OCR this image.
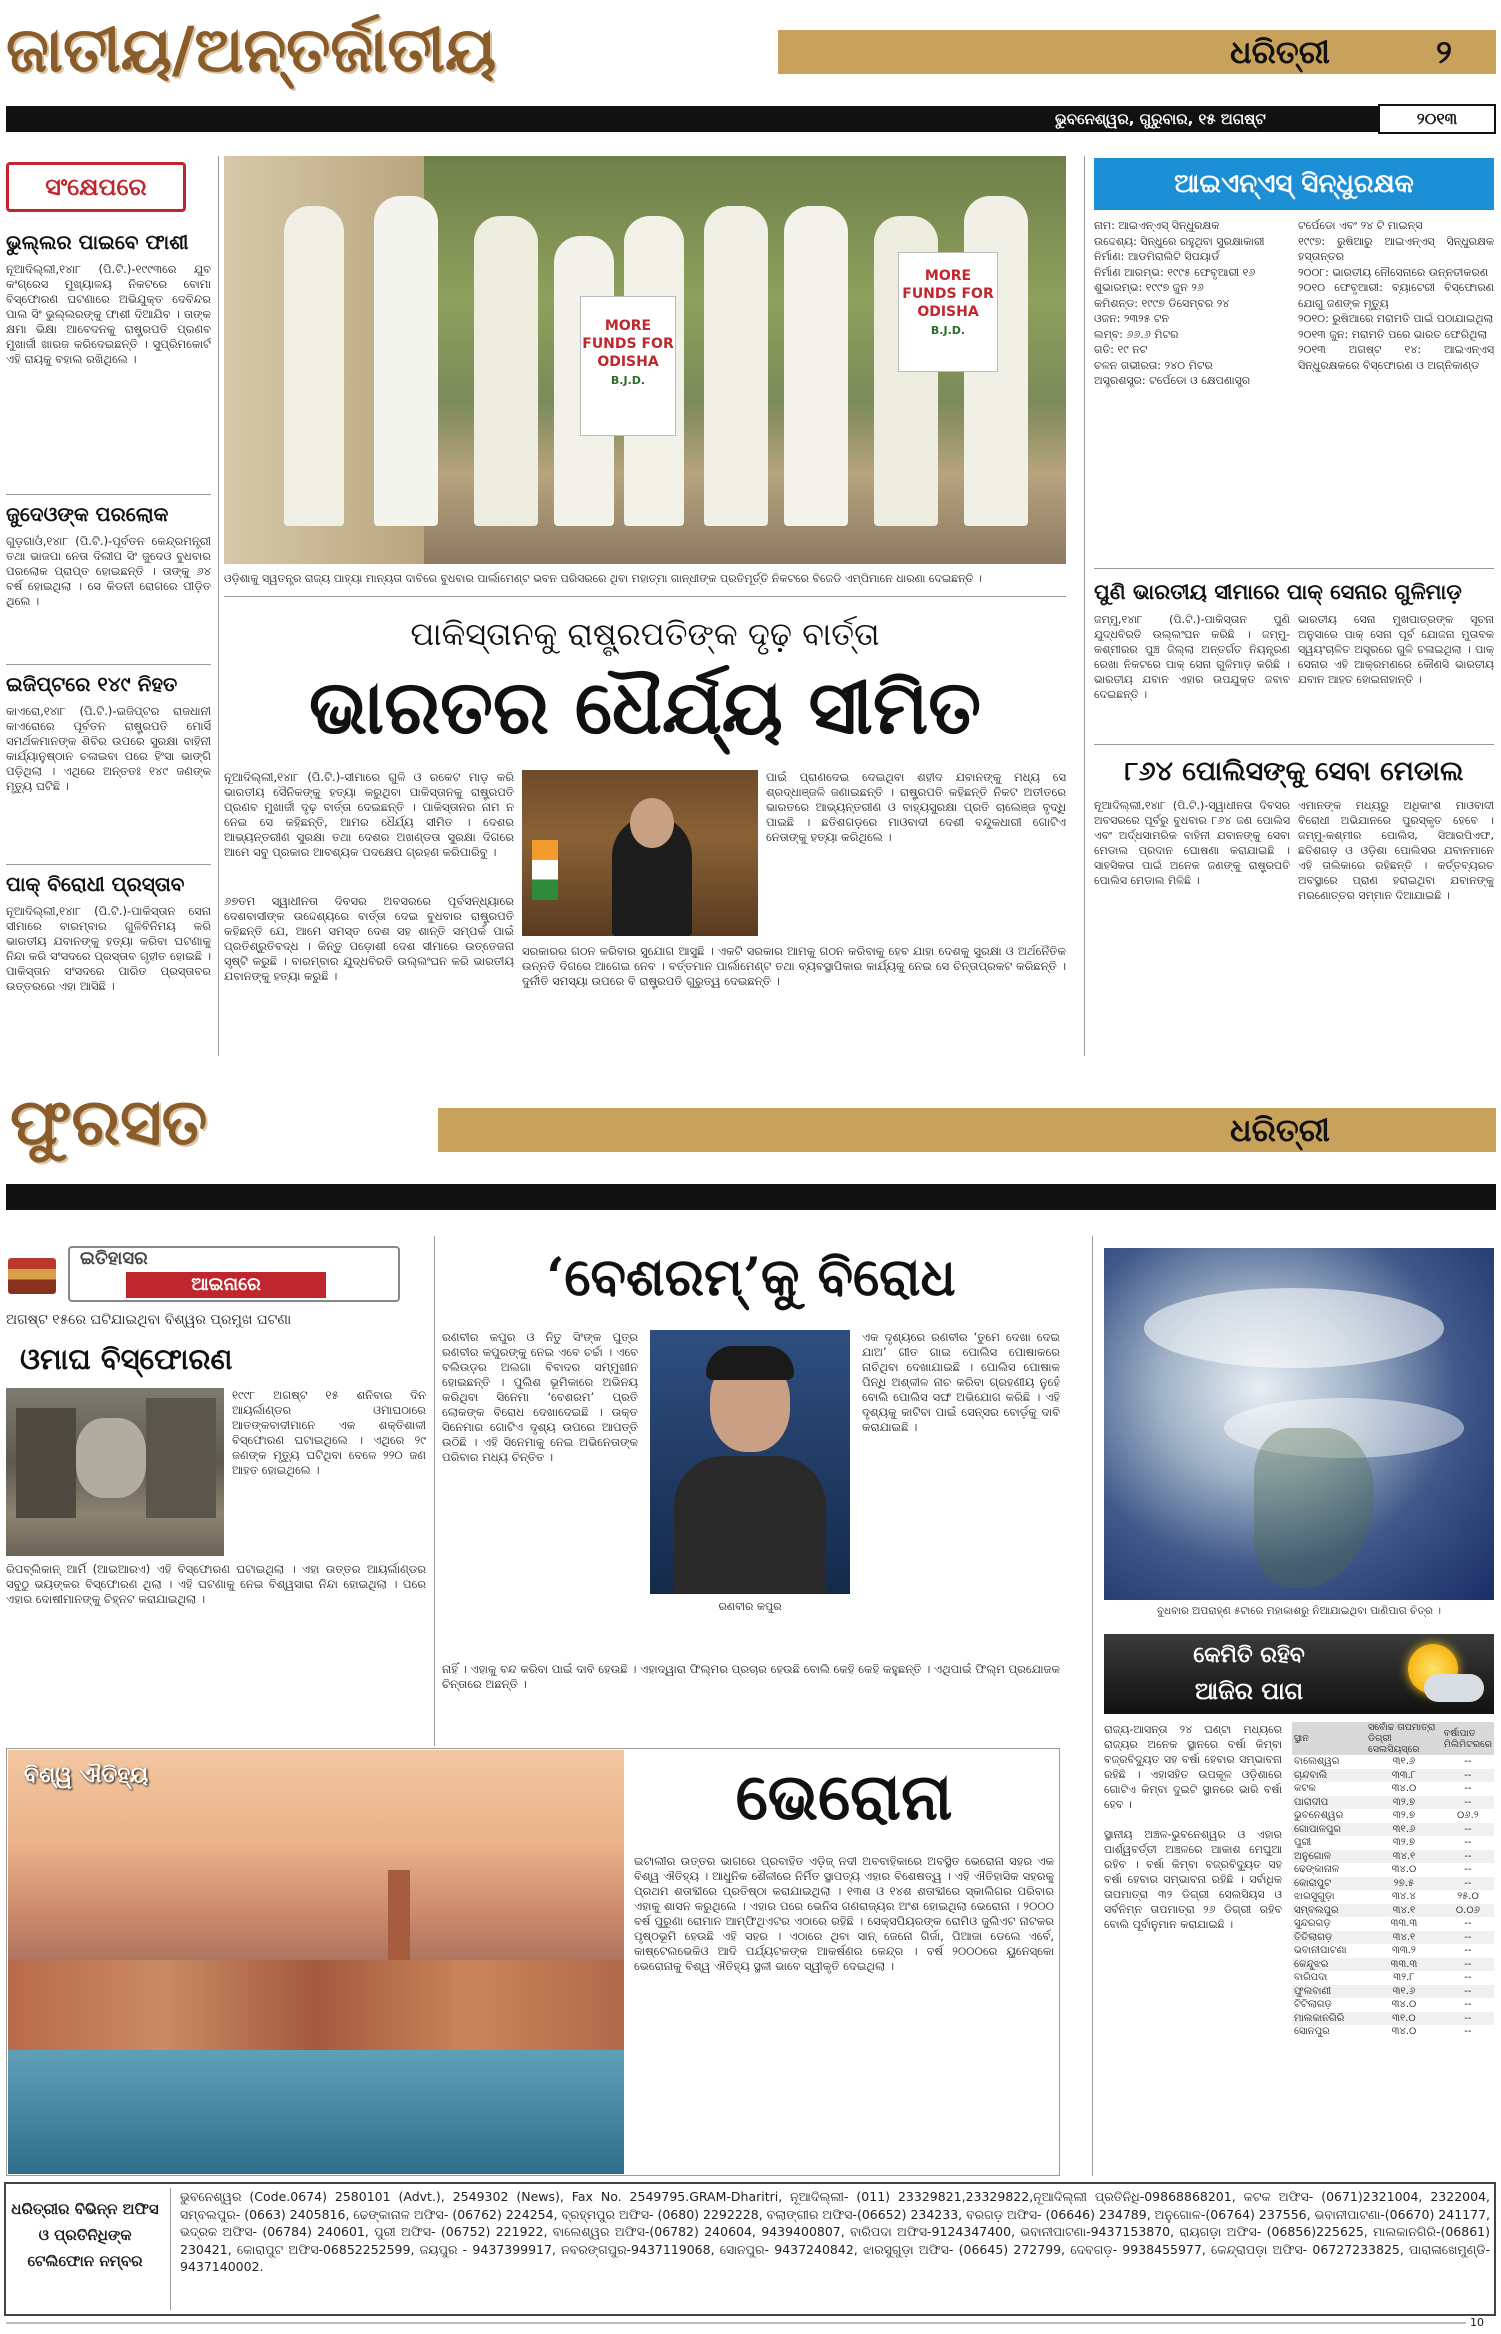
ଜାତୀୟ/ଅନ୍ତର୍ଜାତୀୟ	ଧରିତ୍ରୀ	୨
ଭୁବନେଶ୍ୱର, ଗୁରୁବାର, ୧୫ ଅଗଷ୍ଟ	୨୦୧୩
ସଂକ୍ଷେପରେ
ଭୁଲ୍ଲର ପାଇବେ ଫାଶୀ
ନୂଆଦିଲ୍ଲୀ,୧୪ା୮ (ପି.ଟି.)-୧୯୯୩ରେ ଯୁବ କଂଗ୍ରେସ ମୁଖ୍ୟାଳୟ ନିକଟରେ ବୋମା ବିସ୍ଫୋରଣ ଘଟଣାରେ ଅଭିଯୁକ୍ତ ଦେବିନ୍ଦର ପାଲ ସିଂ ଭୁଲ୍ଲରଙ୍କୁ ଫାଶୀ ଦିଆଯିବ । ତାଙ୍କ କ୍ଷମା ଭିକ୍ଷା ଆବେଦନକୁ ରାଷ୍ଟ୍ରପତି ପ୍ରଣବ ମୁଖାର୍ଜୀ ଖାରଜ କରିଦେଇଛନ୍ତି । ସୁପ୍ରିମକୋର୍ଟ ଏହି ରାୟକୁ ବହାଲ ରଖିଥିଲେ ।
ଜୁଦେଓଙ୍କ ପରଲୋକ
ଗୁଡ଼ଗାଓଁ,୧୪ା୮ (ପି.ଟି.)-ପୂର୍ବତନ କେନ୍ଦ୍ରମନ୍ତ୍ରୀ ତଥା ଭାଜପା ନେତା ଦିଲୀପ ସିଂ ଜୁଦେଓ ବୁଧବାର ପରଲୋକ ପ୍ରାପ୍ତ ହୋଇଛନ୍ତି । ତାଙ୍କୁ ୬୪ ବର୍ଷ ହୋଇଥିଲା । ସେ କିଡନୀ ରୋଗରେ ପୀଡ଼ିତ ଥିଲେ ।
ଇଜିପ୍ଟରେ ୧୪୯ ନିହତ
କାଏରୋ,୧୪ା୮ (ପି.ଟି.)-ଇଜିପ୍ଟର ରାଜଧାନୀ କାଏରୋରେ ପୂର୍ବତନ ରାଷ୍ଟ୍ରପତି ମୋର୍ସି ସମର୍ଥକମାନଙ୍କ ଶିବିର ଉପରେ ସୁରକ୍ଷା ବାହିନୀ କାର୍ଯ୍ୟାନୁଷ୍ଠାନ ଚଳାଇବା ପରେ ହିଂସା ଭାଙ୍ଗି ପଡ଼ିଥିଲା । ଏଥିରେ ଅନ୍ତତଃ ୧୪୯ ଜଣଙ୍କ ମୃତ୍ୟୁ ଘଟିଛି ।
ପାକ୍ ବିରୋଧୀ ପ୍ରସ୍ତାବ
ନୂଆଦିଲ୍ଲୀ,୧୪ା୮ (ପି.ଟି.)-ପାକିସ୍ତାନ ସେନା ସୀମାରେ ବାରମ୍ବାର ଗୁଳିବିନିମୟ କରି ଭାରତୀୟ ଯବାନଙ୍କୁ ହତ୍ୟା କରିବା ଘଟଣାକୁ ନିନ୍ଦା କରି ସଂସଦରେ ପ୍ରସ୍ତାବ ଗୃହୀତ ହୋଇଛି । ପାକିସ୍ତାନ ସଂସଦରେ ପାରିତ ପ୍ରସ୍ତାବର ଉତ୍ତରରେ ଏହା ଆସିଛି ।
MORE FUNDS FOR ODISHA
B.J.D.
MORE FUNDS FOR ODISHA
B.J.D.
ଓଡ଼ିଶାକୁ ସ୍ୱତନ୍ତ୍ର ରାଜ୍ୟ ପାହ୍ୟା ମାନ୍ୟତା ଦାବିରେ ବୁଧବାର ପାର୍ଲାମେଣ୍ଟ ଭବନ ପରିସରରେ ଥିବା ମହାତ୍ମା ଗାନ୍ଧୀଙ୍କ ପ୍ରତିମୂର୍ତ୍ତି ନିକଟରେ ବିଜେଡି ଏମ୍ପିମାନେ ଧାରଣା ଦେଇଛନ୍ତି ।
ପାକିସ୍ତାନକୁ ରାଷ୍ଟ୍ରପତିଙ୍କ ଦୃଢ଼ ବାର୍ତ୍ତା
ଭାରତର ଧୈର୍ଯ୍ୟ ସୀମିତ
ନୂଆଦିଲ୍ଲୀ,୧୪ା୮ (ପି.ଟି.)-ସୀମାରେ ଗୁଳି ଓ ରକେଟ ମାଡ଼ କରି ଭାରତୀୟ ସୈନିକଙ୍କୁ ହତ୍ୟା କରୁଥିବା ପାକିସ୍ତାନକୁ ରାଷ୍ଟ୍ରପତି ପ୍ରଣବ ମୁଖାର୍ଜୀ ଦୃଢ଼ ବାର୍ତ୍ତା ଦେଇଛନ୍ତି । ପାକିସ୍ତାନର ନାମ ନ ନେଇ ସେ କହିଛନ୍ତି, ଆମର ଧୈର୍ଯ୍ୟ ସୀମିତ । ଦେଶର ଆଭ୍ୟନ୍ତରୀଣ ସୁରକ୍ଷା ତଥା ଦେଶର ଅଖଣ୍ଡତା ସୁରକ୍ଷା ଦିଗରେ ଆମେ ସବୁ ପ୍ରକାର ଆବଶ୍ୟକ ପଦକ୍ଷେପ ଗ୍ରହଣ କରିପାରିବୁ ।
ପାଇଁ ପ୍ରାଣଦେଇ ଦେଇଥିବା ଶହୀଦ ଯବାନଙ୍କୁ ମଧ୍ୟ ସେ ଶ୍ରଦ୍ଧାଞ୍ଜଳି ଜଣାଇଛନ୍ତି । ରାଷ୍ଟ୍ରପତି କହିଛନ୍ତି ନିକଟ ଅତୀତରେ ଭାରତରେ ଆଭ୍ୟନ୍ତରୀଣ ଓ ବାହ୍ୟସୁରକ୍ଷା ପ୍ରତି ଚାଲେଞ୍ଜ ବୃଦ୍ଧି ପାଇଛି । ଛତିଶଗଡ଼ରେ ମାଓବାଦୀ ଦେଶୀ ବନ୍ଦୁକଧାରୀ ଗୋଟିଏ ନେତାଙ୍କୁ ହତ୍ୟା କରିଥିଲେ ।
୬୭ତମ ସ୍ୱାଧୀନତା ଦିବସର ଅବସରରେ ପୂର୍ବସନ୍ଧ୍ୟାରେ ଦେଶବାସୀଙ୍କ ଉଦ୍ଦେଶ୍ୟରେ ବାର୍ତ୍ତା ଦେଇ ବୁଧବାର ରାଷ୍ଟ୍ରପତି କହିଛନ୍ତି ଯେ, ଆମେ ସମସ୍ତ ଦେଶ ସହ ଶାନ୍ତି ସମ୍ପର୍କ ପାଇଁ ପ୍ରତିଶ୍ରୁତିବଦ୍ଧ । କିନ୍ତୁ ପଡ଼ୋଶୀ ଦେଶ ସୀମାରେ ଉତ୍ତେଜନା ସୃଷ୍ଟି କରୁଛି । ବାରମ୍ବାର ଯୁଦ୍ଧବିରତି ଉଲ୍ଲଂଘନ କରି ଭାରତୀୟ ଯବାନଙ୍କୁ ହତ୍ୟା କରୁଛି ।
ସରକାରର ଗଠନ କରିବାର ସୁଯୋଗ ଆସୁଛି । ଏକଟି ସରକାର ଆମକୁ ଗଠନ କରିବାକୁ ହେବ ଯାହା ଦେଶକୁ ସୁରକ୍ଷା ଓ ଅର୍ଥନୈତିକ ଉନ୍ନତି ଦିଗରେ ଆଗେଇ ନେବ । ବର୍ତ୍ତମାନ ପାର୍ଲାମେଣ୍ଟ ତଥା ବ୍ୟବସ୍ଥାପିକାର କାର୍ଯ୍ୟକୁ ନେଇ ସେ ଚିନ୍ତାପ୍ରକଟ କରିଛନ୍ତି । ଦୁର୍ନୀତି ସମସ୍ୟା ଉପରେ ବି ରାଷ୍ଟ୍ରପତି ଗୁରୁତ୍ୱ ଦେଇଛନ୍ତି ।
ଆଇଏନ୍‌ଏସ୍ ସିନ୍ଧୁରକ୍ଷକ
ନାମ: ଆଇଏନ୍‌ଏସ୍ ସିନ୍ଧୁରକ୍ଷକ
ଉଦ୍ଦେଶ୍ୟ: ସିନ୍ଧୁରେ ରହୁଥିବା ସୁରକ୍ଷାକାରୀ
ନିର୍ମାଣ: ଆଡମିରାଲିଟି ସିପୟାର୍ଡ
ନିର୍ମାଣ ଆରମ୍ଭ: ୧୯୯୫ ଫେବୃଆରୀ ୧୬
ଶୁଭାରମ୍ଭ: ୧୯୯୭ ଜୁନ ୨୬
କମିଶନ୍ଡ: ୧୯୯୭ ଡିସେମ୍ବର ୨୪
ଓଜନ: ୨୩୨୫ ଟନ
ଲମ୍ବ: ୬୬.୬ ମିଟର
ଗତି: ୧୯ ନଟ
ଚଳନ ଗଭୀରତା: ୨୪୦ ମିଟର
ଅସ୍ତ୍ରଶସ୍ତ୍ର: ଟର୍ପେଡୋ ଓ କ୍ଷେପଣାସ୍ତ୍ର
ଟର୍ପେଡୋ ଏବଂ ୨୪ ଟି ମାଇନ୍ସ
୧୯୯୭: ରୁଷିଆରୁ ଆଇଏନ୍‌ଏସ୍ ସିନ୍ଧୁରକ୍ଷକ ହସ୍ତାନ୍ତର
୨୦୦୮: ଭାରତୀୟ ନୌସେନାରେ ଉନ୍ନତୀକରଣ
୨୦୧୦ ଫେବୃଆରୀ: ବ୍ୟାଟେରୀ ବିସ୍ଫୋରଣ ଯୋଗୁ ଜଣଙ୍କ ମୃତ୍ୟୁ
୨୦୧୦: ରୁଷିଆରେ ମରାମତି ପାଇଁ ପଠାଯାଇଥିଲା
୨୦୧୩ ଜୁନ: ମରାମତି ପରେ ଭାରତ ଫେରିଥିଲା
୨୦୧୩ ଅଗଷ୍ଟ ୧୪: ଆଇଏନ୍‌ଏସ୍ ସିନ୍ଧୁରକ୍ଷକରେ ବିସ୍ଫୋରଣ ଓ ଅଗ୍ନିକାଣ୍ଡ
ପୁଣି ଭାରତୀୟ ସୀମାରେ ପାକ୍ ସେନାର ଗୁଳିମାଡ଼
ଜମ୍ମୁ,୧୪ା୮ (ପି.ଟି.)-ପାକିସ୍ତାନ ପୁଣି ଯୁଦ୍ଧବିରତି ଉଲ୍ଲଂଘନ କରିଛି । ଜମ୍ମୁ-କଶ୍ମୀରର ପୁଞ୍ଚ ଜିଲ୍ଲା ଅନ୍ତର୍ଗତ ନିୟନ୍ତ୍ରଣ ରେଖା ନିକଟରେ ପାକ୍ ସେନା ଗୁଳିମାଡ଼ କରିଛି । ଭାରତୀୟ ଯବାନ ଏହାର ଉପଯୁକ୍ତ ଜବାବ ଦେଇଛନ୍ତି ।
ଭାରତୀୟ ସେନା ମୁଖପାତ୍ରଙ୍କ ସୂଚନା ଅନୁସାରେ ପାକ୍ ସେନା ପୂର୍ବ ଯୋଜନା ମୁତାବକ ସ୍ୱୟଂଚାଳିତ ଅସ୍ତ୍ରରେ ଗୁଳି ଚଳାଇଥିଲା । ପାକ୍ ସେନାର ଏହି ଆକ୍ରମଣରେ କୌଣସି ଭାରତୀୟ ଯବାନ ଆହତ ହୋଇନାହାନ୍ତି ।
୮୬୪ ପୋଲିସଙ୍କୁ ସେବା ମେଡାଲ
ନୂଆଦିଲ୍ଲୀ,୧୪ା୮ (ପି.ଟି.)-ସ୍ୱାଧୀନତା ଦିବସର ଅବସରରେ ପୂର୍ବରୁ ବୁଧବାର ୮୬୪ ଜଣ ପୋଲିସ ଏବଂ ଅର୍ଦ୍ଧସାମରିକ ବାହିନୀ ଯବାନଙ୍କୁ ସେବା ମେଡାଲ ପ୍ରଦାନ ଘୋଷଣା କରାଯାଇଛି । ସାହସିକତା ପାଇଁ ଅନେକ ଜଣଙ୍କୁ ରାଷ୍ଟ୍ରପତି ପୋଲିସ ମେଡାଲ ମିଳିଛି ।
ଏମାନଙ୍କ ମଧ୍ୟରୁ ଅଧିକାଂଶ ମାଓବାଦୀ ବିରୋଧୀ ଅଭିଯାନରେ ପୁରସ୍କୃତ ହେବେ । ଜମ୍ମୁ-କଶ୍ମୀର ପୋଲିସ, ସିଆରପିଏଫ, ଛତିଶଗଡ଼ ଓ ଓଡ଼ିଶା ପୋଲିସର ଯବାନମାନେ ଏହି ତାଲିକାରେ ରହିଛନ୍ତି । କର୍ତ୍ତବ୍ୟରତ ଅବସ୍ଥାରେ ପ୍ରାଣ ହରାଇଥିବା ଯବାନଙ୍କୁ ମରଣୋତ୍ତର ସମ୍ମାନ ଦିଆଯାଇଛି ।
ଫୁରସତ	ଧରିତ୍ରୀ
ଇତିହାସର
ଆଇନାରେ
ଅଗଷ୍ଟ ୧୫ରେ ଘଟିଯାଇଥିବା ବିଶ୍ୱର ପ୍ରମୁଖ ଘଟଣା
ଓମାଘ ବିସ୍ଫୋରଣ
୧୯୯୮ ଅଗଷ୍ଟ ୧୫ ଶନିବାର ଦିନ ଆୟର୍ଲାଣ୍ଡର ଓମାଘଠାରେ ଆତଙ୍କବାଦୀମାନେ ଏକ ଶକ୍ତିଶାଳୀ ବିସ୍ଫୋରଣ ଘଟାଇଥିଲେ । ଏଥିରେ ୨୯ ଜଣଙ୍କ ମୃତ୍ୟୁ ଘଟିଥିବା ବେଳେ ୨୨୦ ଜଣ ଆହତ ହୋଇଥିଲେ ।
ରିପବ୍ଲିକାନ୍ ଆର୍ମି (ଆଇଆରଏ) ଏହି ବିସ୍ଫୋରଣ ଘଟାଇଥିଲା । ଏହା ଉତ୍ତର ଆୟର୍ଲାଣ୍ଡର ସବୁଠୁ ଭୟଙ୍କର ବିସ୍ଫୋରଣ ଥିଲା । ଏହି ଘଟଣାକୁ ନେଇ ବିଶ୍ୱସାରା ନିନ୍ଦା ହୋଇଥିଲା । ପରେ ଏହାର ଦୋଷୀମାନଙ୍କୁ ଚିହ୍ନଟ କରାଯାଇଥିଲା ।
‘ବେଶରମ୍’କୁ ବିରୋଧ
ରଣବୀର କପୁର ଓ ନିତୁ ସିଂଙ୍କ ପୁତ୍ର ରଣବୀର କପୁରଙ୍କୁ ନେଇ ଏବେ ଚର୍ଚ୍ଚା । ଏବେ ବଲିଉଡ଼ର ଅଲଗା ବିବାଦର ସମ୍ମୁଖୀନ ହୋଇଛନ୍ତି । ପୁଲିଶ ଭୂମିକାରେ ଅଭିନୟ କରିଥିବା ସିନେମା ‘ବେଶରମ’ ପ୍ରତି ଲୋକଙ୍କ ବିରୋଧ ଦେଖାଦେଇଛି । ଉକ୍ତ ସିନେମାର ଗୋଟିଏ ଦୃଶ୍ୟ ଉପରେ ଆପତ୍ତି ଉଠିଛି । ଏହି ସିନେମାକୁ ନେଇ ଅଭିନେତାଙ୍କ ପରିବାର ମଧ୍ୟ ଚିନ୍ତିତ ।
ରଣବୀର କପୁର
ଏକ ଦୃଶ୍ୟରେ ରଣବୀର ‘ତୁମେ ଦେଖା ଦେଇ ଯାଅ’ ଗୀତ ଗାଇ ପୋଲିସ ପୋଷାକରେ ନାଚିଥିବା ଦେଖାଯାଇଛି । ପୋଲିସ ପୋଷାକ ପିନ୍ଧି ଅଶ୍ଳୀଳ ନାଚ କରିବା ଗ୍ରହଣୀୟ ନୁହେଁ ବୋଲି ପୋଲିସ ସଙ୍ଘ ଅଭିଯୋଗ କରିଛି । ଏହି ଦୃଶ୍ୟକୁ କାଟିବା ପାଇଁ ସେନ୍ସର ବୋର୍ଡ଼କୁ ଦାବି କରାଯାଇଛି ।
ନାହିଁ । ଏହାକୁ ବନ୍ଦ କରିବା ପାଇଁ ଦାବି ହେଉଛି । ଏହାଦ୍ୱାରା ଫିଲ୍ମର ପ୍ରଚାର ହେଉଛି ବୋଲି କେହି କେହି କହୁଛନ୍ତି । ଏଥିପାଇଁ ଫିଲ୍ମ ପ୍ରଯୋଜକ ଚିନ୍ତାରେ ଅଛନ୍ତି ।
ବୁଧବାର ଅପରାହ୍ଣ ୫ଟାରେ ମହାକାଶରୁ ନିଆଯାଇଥିବା ପାଣିପାଗ ଚିତ୍ର ।
କେମିତି ରହିବ
ଆଜିର ପାଗ
ରାଜ୍ୟ-ଆସନ୍ତା ୨୪ ଘଣ୍ଟା ମଧ୍ୟରେ ରାଜ୍ୟର ଅନେକ ସ୍ଥାନରେ ବର୍ଷା କିମ୍ବା ବଜ୍ରବିଦ୍ୟୁତ ସହ ବର୍ଷା ହେବାର ସମ୍ଭାବନା ରହିଛି । ଏହାସହିତ ଉପକୂଳ ଓଡ଼ିଶାରେ ଗୋଟିଏ କିମ୍ବା ଦୁଇଟି ସ୍ଥାନରେ ଭାରି ବର୍ଷା ହେବ ।

ସ୍ଥାନୀୟ ଅଞ୍ଚଳ-ଭୁବନେଶ୍ୱର ଓ ଏହାର ପାର୍ଶ୍ୱବର୍ତ୍ତୀ ଅଞ୍ଚଳରେ ଆକାଶ ମେଘୁଆ ରହିବ । ବର୍ଷା କିମ୍ବା ବଜ୍ରବିଦ୍ୟୁତ ସହ ବର୍ଷା ହେବାର ସମ୍ଭାବନା ରହିଛି । ସର୍ବାଧିକ ତାପମାତ୍ରା ୩୨ ଡିଗ୍ରୀ ସେଲସିୟସ ଓ ସର୍ବନିମ୍ନ ତାପମାତ୍ରା ୨୬ ଡିଗ୍ରୀ ରହିବ ବୋଲି ପୂର୍ବାନୁମାନ କରାଯାଇଛି ।
ସ୍ଥାନ	ସର୍ବୋଚ୍ଚ ତାପମାତ୍ରା ଡିଗ୍ରୀ ସେଲସିୟସ୍‌ରେ	ବର୍ଷାପାତ ମିଲିମିଟରରେ
ବାଲେଶ୍ୱର	୩୧.୬	--
ଚାନ୍ଦବାଲି	୩୩.୮	--
କଟକ	୩୪.୦	--
ପାରାଦୀପ	୩୨.୭	--
ଭୁବନେଶ୍ୱର	୩୨.୭	୦୬.୨
ଗୋପାଳପୁର	୩୧.୬	--
ପୁରୀ	୩୨.୭	--
ଅନୁଗୋଳ	୩୪.୧	--
ଢେଙ୍କାନାଳ	୩୪.୦	--
କୋରାପୁଟ	୨୭.୫	--
ଝାରସୁଗୁଡ଼ା	୩୪.୪	୨୫.୦
ସମ୍ବଲପୁର	୩୪.୧	୦.୦୬
ସୁନ୍ଦରଗଡ଼	୩୩.୩	--
ତିତିଲାଗଡ଼	୩୪.୧	--
ଭବାନୀପାଟଣା	୩୩.୨	--
କେନ୍ଦୁଝର	୩୩.୩	--
ବାରିପଦା	୩୨.୮	--
ଫୁଲବାଣୀ	୩୧.୬	--
ଟିଟିଲାଗଡ଼	୩୪.୦	--
ମାଲକାନଗିରି	୩୧.୦	--
ସୋନପୁର	୩୪.୦	--
ବିଶ୍ୱ ଐତିହ୍ୟ	ଭେରୋନା
ଇଟାଲୀର ଉତ୍ତର ଭାଗରେ ପ୍ରବାହିତ ଏଡ଼ିଜ୍ ନଦୀ ଅବବାହିକାରେ ଅବସ୍ଥିତ ଭେରୋନା ସହର ଏକ ବିଶ୍ୱ ଐତିହ୍ୟ । ଆଧୁନିକ ଶୈଳୀରେ ନିର୍ମିତ ସ୍ଥାପତ୍ୟ ଏହାର ବିଶେଷତ୍ୱ । ଏହି ଐତିହାସିକ ସହରକୁ ପ୍ରଥମ ଶତାବ୍ଦୀରେ ପ୍ରତିଷ୍ଠା କରାଯାଇଥିଲା । ୧୩ଶ ଓ ୧୪ଶ ଶତାବ୍ଦୀରେ ସ୍କାଲିଗର ପରିବାର ଏହାକୁ ଶାସନ କରୁଥିଲେ । ଏହାର ପରେ ଭେନିସ ଗଣରାଜ୍ୟର ଅଂଶ ହୋଇଥିଲା ଭେରୋନା । ୨୦୦୦ ବର୍ଷ ପୁରୁଣା ରୋମାନ ଆମ୍ଫିଥିଏଟର ଏଠାରେ ରହିଛି । ସେକ୍ସପିୟରଙ୍କ ରୋମିଓ ଜୁଲିଏଟ ନାଟକର ପୃଷ୍ଠଭୂମି ହେଉଛି ଏହି ସହର । ଏଠାରେ ଥିବା ସାନ୍ ଜେନୋ ଗିର୍ଜା, ପିଆଜା ଡେଲେ ଏର୍ବେ, କାଷ୍ଟେଲଭେକିଓ ଆଦି ପର୍ଯ୍ୟଟକଙ୍କ ଆକର୍ଷଣର କେନ୍ଦ୍ର । ବର୍ଷ ୨୦୦୦ରେ ୟୁନେସ୍କୋ ଭେରୋନାକୁ ବିଶ୍ୱ ଐତିହ୍ୟ ସ୍ଥଳୀ ଭାବେ ସ୍ୱୀକୃତି ଦେଇଥିଲା ।
ଧରିତ୍ରୀର ବିଭିନ୍ନ ଅଫିସ ଓ ପ୍ରତିନିଧିଙ୍କ ଟେଲିଫୋନ ନମ୍ବର
ଭୁବନେଶ୍ୱର (Code.0674) 2580101 (Advt.), 2549302 (News), Fax No. 2549795.GRAM-Dharitri, ନୂଆଦିଲ୍ଲୀ- (011) 23329821,23329822,ନୂଆଦିଲ୍ଲୀ ପ୍ରତିନିଧି-09868868201, କଟକ ଅଫିସ- (0671)2321004, 2322004, ସମ୍ବଲପୁର- (0663) 2405816, ଢେଙ୍କାନାଳ ଅଫିସ- (06762) 224254, ବ୍ରହ୍ମପୁର ଅଫିସ- (0680) 2292228, ବଲାଙ୍ଗୀର ଅଫିସ-(06652) 234233, ବରଗଡ଼ ଅଫିସ- (06646) 234789, ଅନୁଗୋଳ-(06764) 237556, ଭବାନୀପାଟଣା-(06670) 241177, ଭଦ୍ରକ ଅଫିସ- (06784) 240601, ପୁରୀ ଅଫିସ- (06752) 221922, ବାଲେଶ୍ୱର ଅଫିସ-(06782) 240604, 9439400807, ବାରିପଦା ଅଫିସ-9124347400, ଭବାନୀପାଟଣା-9437153870, ରାୟଗଡ଼ା ଅଫିସ- (06856)225625, ମାଲକାନଗିରି-(06861) 230421, କୋରାପୁଟ ଅଫିସ-06852252599, ଜୟପୁର - 9437399917, ନବରଙ୍ଗପୁର-9437119068, ସୋନପୁର- 9437240842, ଝାରସୁଗୁଡ଼ା ଅଫିସ- (06645) 272799, ଦେବଗଡ଼- 9938455977, କେନ୍ଦ୍ରାପଡ଼ା ଅଫିସ- 06727233825, ପାରାଳାଖେମୁଣ୍ଡି- 9437140002.
10
